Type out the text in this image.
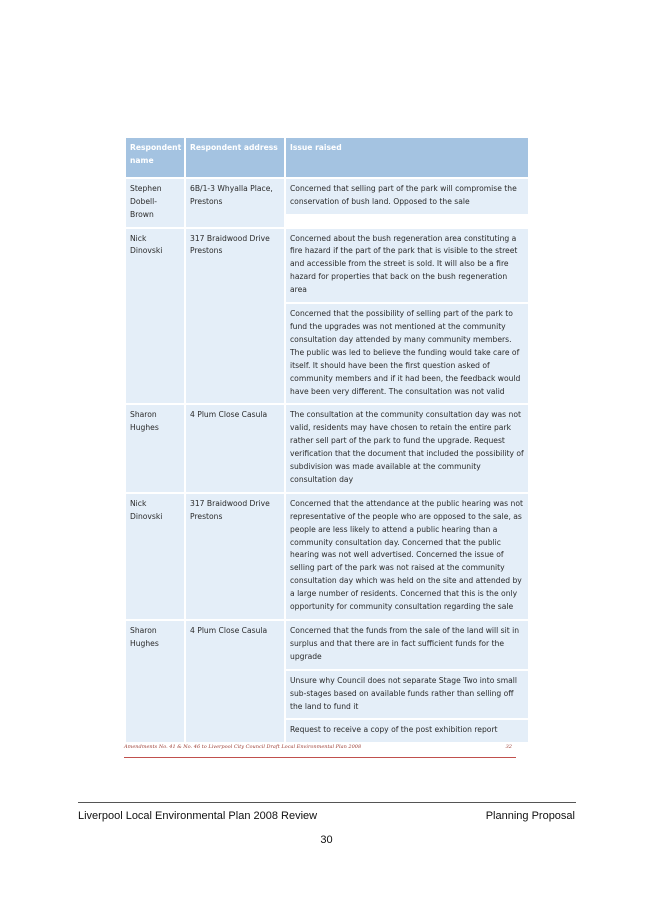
Respondent name	Respondent address	Issue raised

Stephen Dobell-Brown	6B/1-3 Whyalla Place, Prestons	Concerned that selling part of the park will compromise the conservation of bush land. Opposed to the sale

Nick Dinovski	317 Braidwood Drive Prestons	Concerned about the bush regeneration area constituting a fire hazard if the part of the park that is visible to the street and accessible from the street is sold. It will also be a fire hazard for properties that back on the bush regeneration area
Concerned that the possibility of selling part of the park to fund the upgrades was not mentioned at the community consultation day attended by many community members. The public was led to believe the funding would take care of itself. It should have been the first question asked of community members and if it had been, the feedback would have been very different. The consultation was not valid

Sharon Hughes	4 Plum Close Casula	The consultation at the community consultation day was not valid, residents may have chosen to retain the entire park rather sell part of the park to fund the upgrade. Request verification that the document that included the possibility of subdivision was made available at the community consultation day

Nick Dinovski	317 Braidwood Drive Prestons	Concerned that the attendance at the public hearing was not representative of the people who are opposed to the sale, as people are less likely to attend a public hearing than a community consultation day. Concerned that the public hearing was not well advertised. Concerned the issue of selling part of the park was not raised at the community consultation day which was held on the site and attended by a large number of residents. Concerned that this is the only opportunity for community consultation regarding the sale

Sharon Hughes	4 Plum Close Casula	Concerned that the funds from the sale of the land will sit in surplus and that there are in fact sufficient funds for the upgrade
Unsure why Council does not separate Stage Two into small sub-stages based on available funds rather than selling off the land to fund it
Request to receive a copy of the post exhibition report
Amendments No. 41 & No. 46 to Liverpool City Council Draft Local Environmental Plan 2008	32
Liverpool Local Environmental Plan 2008 Review	Planning Proposal
30
